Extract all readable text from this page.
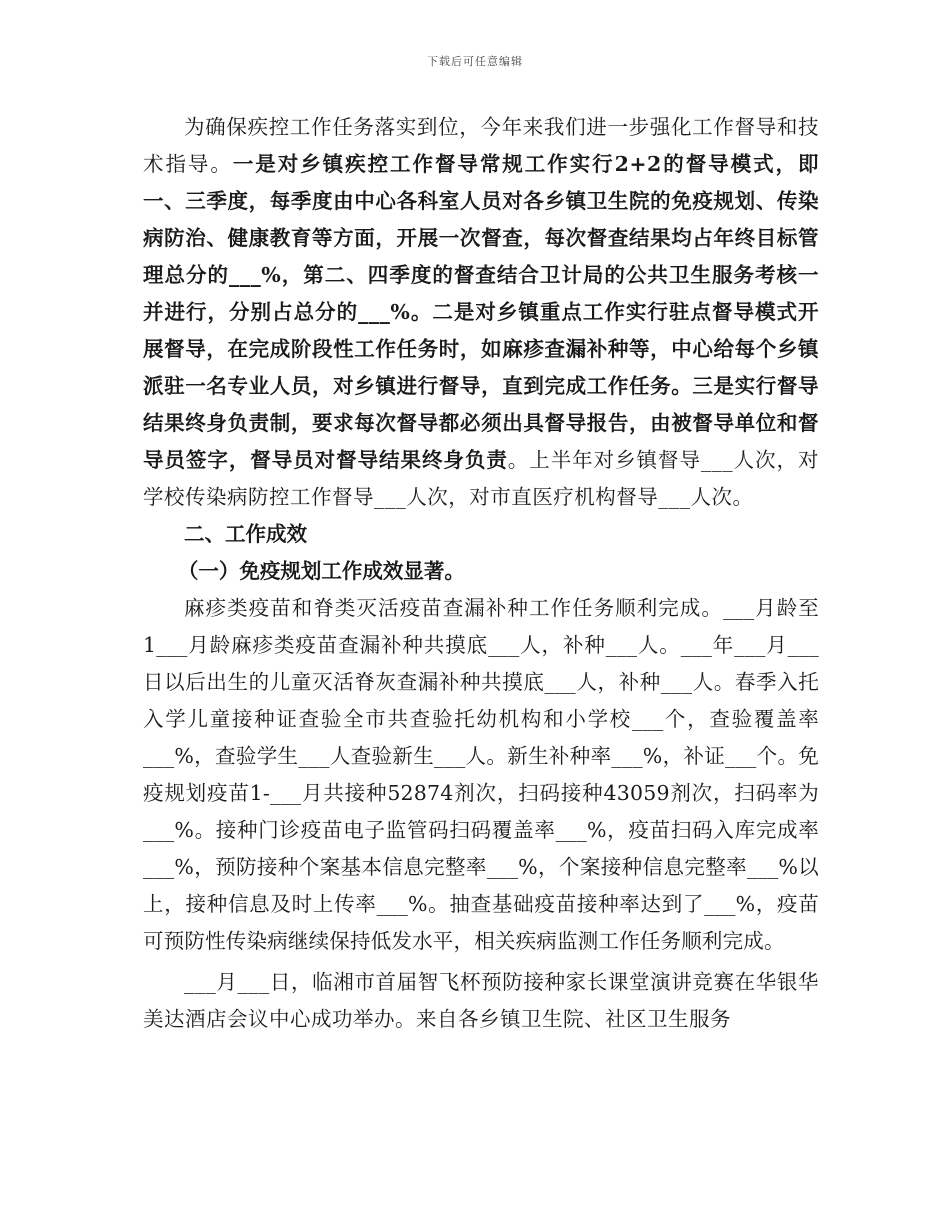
下载后可任意编辑

为确保疾控工作任务落实到位，今年来我们进一步强化工作督导和技术指导。一是对乡镇疾控工作督导常规工作实行2+2的督导模式，即一、三季度，每季度由中心各科室人员对各乡镇卫生院的免疫规划、传染病防治、健康教育等方面，开展一次督查，每次督查结果均占年终目标管理总分的___%，第二、四季度的督查结合卫计局的公共卫生服务考核一并进行，分别占总分的___%。二是对乡镇重点工作实行驻点督导模式开展督导，在完成阶段性工作任务时，如麻疹查漏补种等，中心给每个乡镇派驻一名专业人员，对乡镇进行督导，直到完成工作任务。三是实行督导结果终身负责制，要求每次督导都必须出具督导报告，由被督导单位和督导员签字，督导员对督导结果终身负责。上半年对乡镇督导___人次，对学校传染病防控工作督导___人次，对市直医疗机构督导___人次。

二、工作成效

（一）免疫规划工作成效显著。

麻疹类疫苗和脊类灭活疫苗查漏补种工作任务顺利完成。___月龄至1___月龄麻疹类疫苗查漏补种共摸底___人，补种___人。___年___月___日以后出生的儿童灭活脊灰查漏补种共摸底___人，补种___人。春季入托入学儿童接种证查验全市共查验托幼机构和小学校___个，查验覆盖率___%，查验学生___人查验新生___人。新生补种率___%，补证___个。免疫规划疫苗1-___月共接种52874剂次，扫码接种43059剂次，扫码率为___%。接种门诊疫苗电子监管码扫码覆盖率___%，疫苗扫码入库完成率___%，预防接种个案基本信息完整率___%，个案接种信息完整率___%以上，接种信息及时上传率___%。抽查基础疫苗接种率达到了___%，疫苗可预防性传染病继续保持低发水平，相关疾病监测工作任务顺利完成。

___月___日，临湘市首届智飞杯预防接种家长课堂演讲竞赛在华银华美达酒店会议中心成功举办。来自各乡镇卫生院、社区卫生服务
